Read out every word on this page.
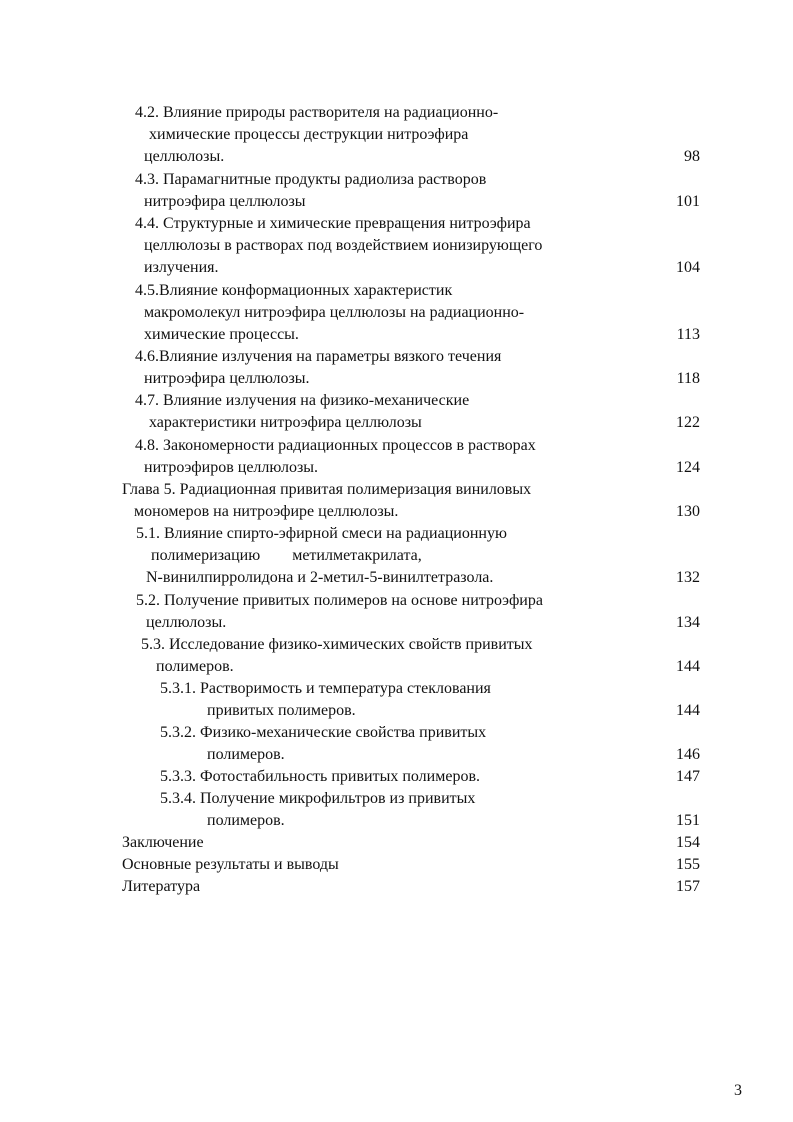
4.2. Влияние природы растворителя на радиационно-
химические процессы деструкции нитроэфира
целлюлозы.	98
4.3. Парамагнитные продукты радиолиза растворов
нитроэфира целлюлозы	101
4.4. Структурные и химические превращения нитроэфира
целлюлозы в растворах под воздействием ионизирующего
излучения.	104
4.5.Влияние конформационных характеристик
макромолекул нитроэфира целлюлозы на радиационно-
химические процессы.	113
4.6.Влияние излучения на параметры вязкого течения
нитроэфира целлюлозы.	118
4.7. Влияние излучения на физико-механические
характеристики нитроэфира целлюлозы	122
4.8. Закономерности радиационных процессов в растворах
нитроэфиров целлюлозы.	124
Глава 5. Радиационная привитая полимеризация виниловых
мономеров на нитроэфире целлюлозы.	130
5.1. Влияние спирто-эфирной смеси на радиационную
полимеризацию        метилметакрилата,
N-винилпирролидона и 2-метил-5-винилтетразола.	132
5.2. Получение привитых полимеров на основе нитроэфира
целлюлозы.	134
5.3. Исследование физико-химических свойств привитых
полимеров.	144
5.3.1. Растворимость и температура стеклования
привитых полимеров.	144
5.3.2. Физико-механические свойства привитых
полимеров.	146
5.3.3. Фотостабильность привитых полимеров.	147
5.3.4. Получение микрофильтров из привитых
полимеров.	151
Заключение	154
Основные результаты и выводы	155
Литература	157
3
